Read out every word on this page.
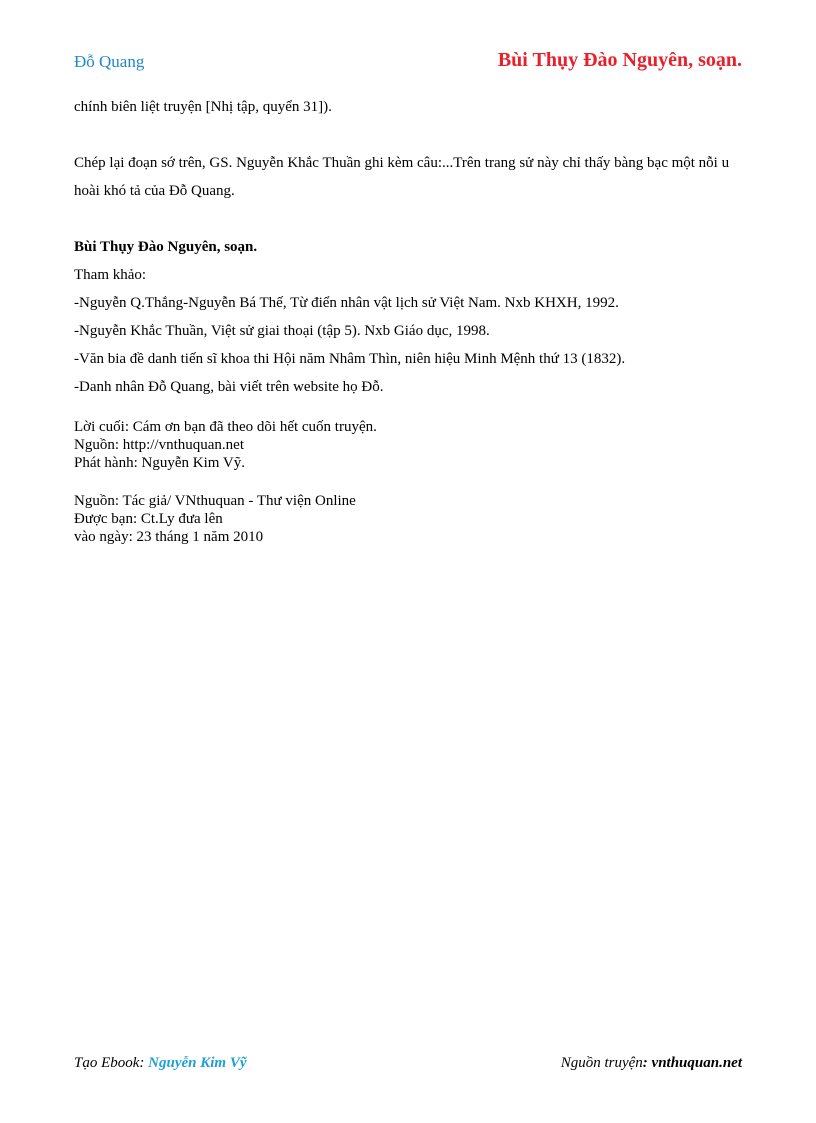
Đỗ Quang	Bùi Thụy Đào Nguyên, soạn.

chính biên liệt truyện [Nhị tập, quyển 31]).

Chép lại đoạn sớ trên, GS. Nguyễn Khắc Thuần ghi kèm câu:...Trên trang sử này chỉ thấy bàng bạc một nỗi u hoài khó tả của Đỗ Quang.

Bùi Thụy Đào Nguyên, soạn.

Tham khảo:

-Nguyễn Q.Thắng-Nguyễn Bá Thế, Từ điển nhân vật lịch sử Việt Nam. Nxb KHXH, 1992.

-Nguyễn Khắc Thuần, Việt sử giai thoại (tập 5). Nxb Giáo dục, 1998.

-Văn bia đề danh tiến sĩ khoa thi Hội năm Nhâm Thìn, niên hiệu Minh Mệnh thứ 13 (1832).

-Danh nhân Đỗ Quang, bài viết trên website họ Đỗ.

Lời cuối: Cám ơn bạn đã theo dõi hết cuốn truyện.
Nguồn: http://vnthuquan.net
Phát hành: Nguyễn Kim Vỹ.
Nguồn: Tác giả/ VNthuquan - Thư viện Online
Được bạn: Ct.Ly đưa lên
vào ngày: 23 tháng 1 năm 2010
Tạo Ebook: Nguyễn Kim Vỹ	Nguồn truyện: vnthuquan.net
